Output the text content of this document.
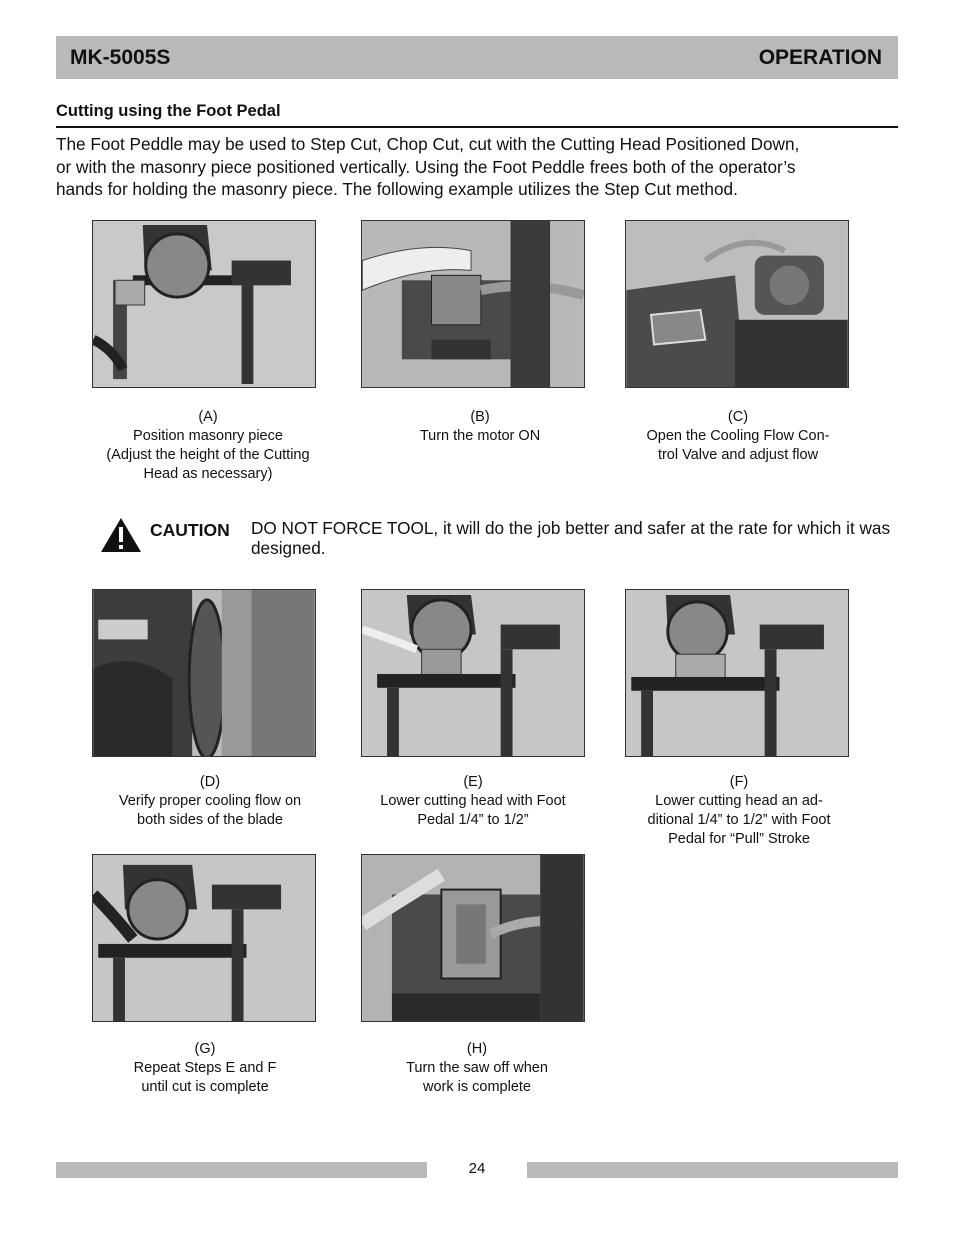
MK-5005S	OPERATION
Cutting using the Foot Pedal
The Foot Peddle may be used to Step Cut, Chop Cut, cut with the Cutting Head Positioned Down,
or with the masonry piece positioned vertically. Using the Foot Peddle frees both of the operator’s
hands for holding the masonry piece. The following example utilizes the Step Cut method.
(A)
Position masonry piece
(Adjust the height of the Cutting
Head as necessary)
(B)
Turn the motor ON
(C)
Open the Cooling Flow Con-
trol Valve and adjust flow
CAUTION DO NOT FORCE TOOL, it will do the job better and safer at the rate for which it was designed.
(D)
Verify proper cooling flow on
both sides of the blade
(E)
Lower cutting head with Foot
Pedal 1/4” to 1/2”
(F)
Lower cutting head an ad-
ditional 1/4” to 1/2” with Foot
Pedal for “Pull” Stroke
(G)
Repeat Steps E and F
until cut is complete
(H)
Turn the saw off when
work is complete
24
